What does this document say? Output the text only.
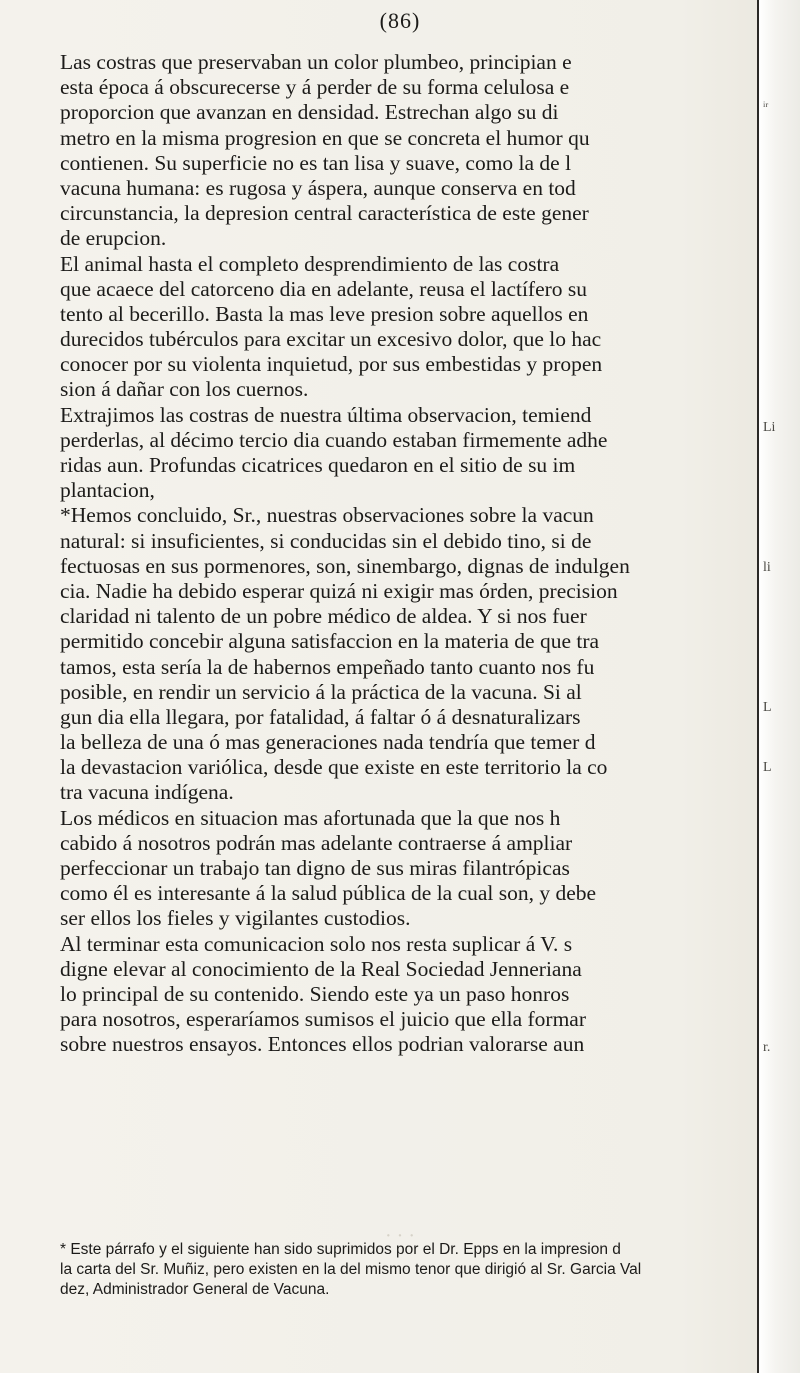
(86)
Las costras que preservaban un color plumbeo, principian e
esta época á obscurecerse y á perder de su forma celulosa e
proporcion que avanzan en densidad. Estrechan algo su di
metro en la misma progresion en que se concreta el humor qu
contienen. Su superficie no es tan lisa y suave, como la de l
vacuna humana: es rugosa y áspera, aunque conserva en tod
circunstancia, la depresion central característica de este gener
de erupcion.
El animal hasta el completo desprendimiento de las costra
que acaece del catorceno dia en adelante, reusa el lactífero su
tento al becerillo. Basta la mas leve presion sobre aquellos en
durecidos tubérculos para excitar un excesivo dolor, que lo hac
conocer por su violenta inquietud, por sus embestidas y propen
sion á dañar con los cuernos.
Extrajimos las costras de nuestra última observacion, temiend
perderlas, al décimo tercio dia cuando estaban firmemente adhe
ridas aun. Profundas cicatrices quedaron en el sitio de su im
plantacion,
*Hemos concluido, Sr., nuestras observaciones sobre la vacun
natural: si insuficientes, si conducidas sin el debido tino, si de
fectuosas en sus pormenores, son, sinembargo, dignas de indulgen
cia. Nadie ha debido esperar quizá ni exigir mas órden, precision
claridad ni talento de un pobre médico de aldea. Y si nos fuer
permitido concebir alguna satisfaccion en la materia de que tra
tamos, esta sería la de habernos empeñado tanto cuanto nos fu
posible, en rendir un servicio á la práctica de la vacuna. Si al
gun dia ella llegara, por fatalidad, á faltar ó á desnaturalizars
la belleza de una ó mas generaciones nada tendría que temer d
la devastacion variólica, desde que existe en este territorio la co
tra vacuna indígena.
Los médicos en situacion mas afortunada que la que nos h
cabido á nosotros podrán mas adelante contraerse á ampliar
perfeccionar un trabajo tan digno de sus miras filantrópicas
como él es interesante á la salud pública de la cual son, y debe
ser ellos los fieles y vigilantes custodios.
Al terminar esta comunicacion solo nos resta suplicar á V. s
digne elevar al conocimiento de la Real Sociedad Jenneriana
lo principal de su contenido. Siendo este ya un paso honros
para nosotros, esperaríamos sumisos el juicio que ella formar
sobre nuestros ensayos. Entonces ellos podrian valorarse aun
· · ·
* Este párrafo y el siguiente han sido suprimidos por el Dr. Epps en la impresion d
la carta del Sr. Muñiz, pero existen en la del mismo tenor que dirigió al Sr. Garcia Val
dez, Administrador General de Vacuna.
ᵢᵣ
Li
li
L
L
r.
